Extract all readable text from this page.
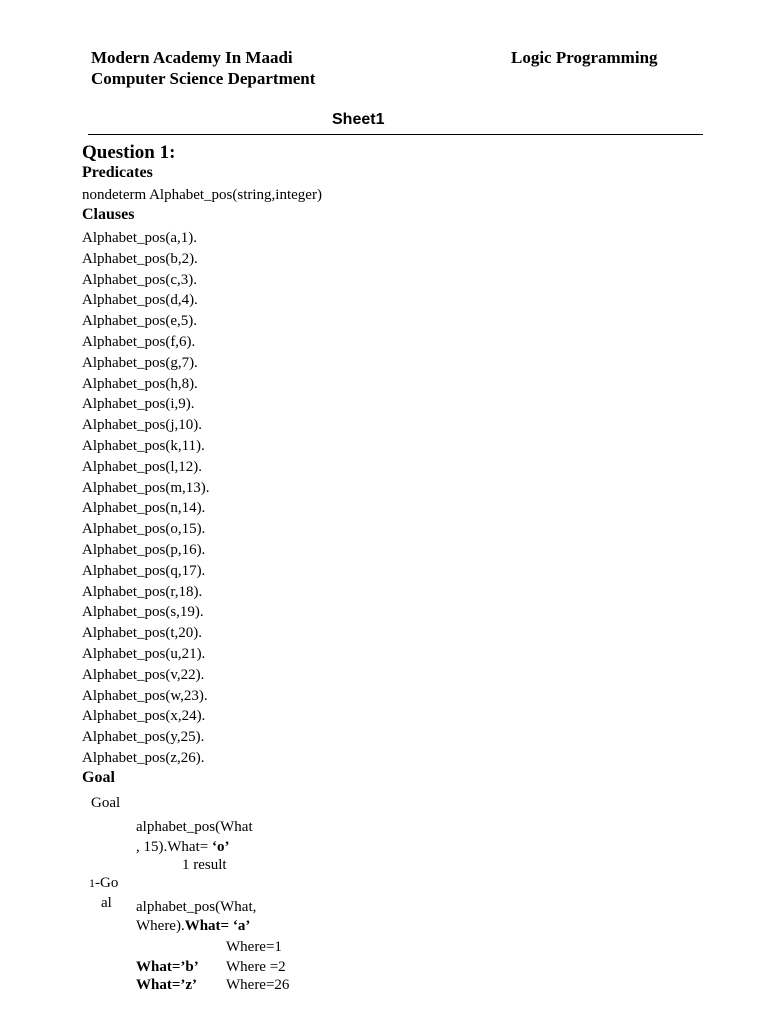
Modern Academy In Maadi
Computer Science Department
Logic Programming
Sheet1
Question 1:
Predicates
nondeterm Alphabet_pos(string,integer)
Clauses
Alphabet_pos(a,1).
Alphabet_pos(b,2).
Alphabet_pos(c,3).
Alphabet_pos(d,4).
Alphabet_pos(e,5).
Alphabet_pos(f,6).
Alphabet_pos(g,7).
Alphabet_pos(h,8).
Alphabet_pos(i,9).
Alphabet_pos(j,10).
Alphabet_pos(k,11).
Alphabet_pos(l,12).
Alphabet_pos(m,13).
Alphabet_pos(n,14).
Alphabet_pos(o,15).
Alphabet_pos(p,16).
Alphabet_pos(q,17).
Alphabet_pos(r,18).
Alphabet_pos(s,19).
Alphabet_pos(t,20).
Alphabet_pos(u,21).
Alphabet_pos(v,22).
Alphabet_pos(w,23).
Alphabet_pos(x,24).
Alphabet_pos(y,25).
Alphabet_pos(z,26).
Goal
Goal
alphabet_pos(What
, 15).What= ‘o’
1 result
1-Go
al alphabet_pos(What,
Where).What= ‘a’
Where=1
What=’b’ Where =2
What=’z’ Where=26
